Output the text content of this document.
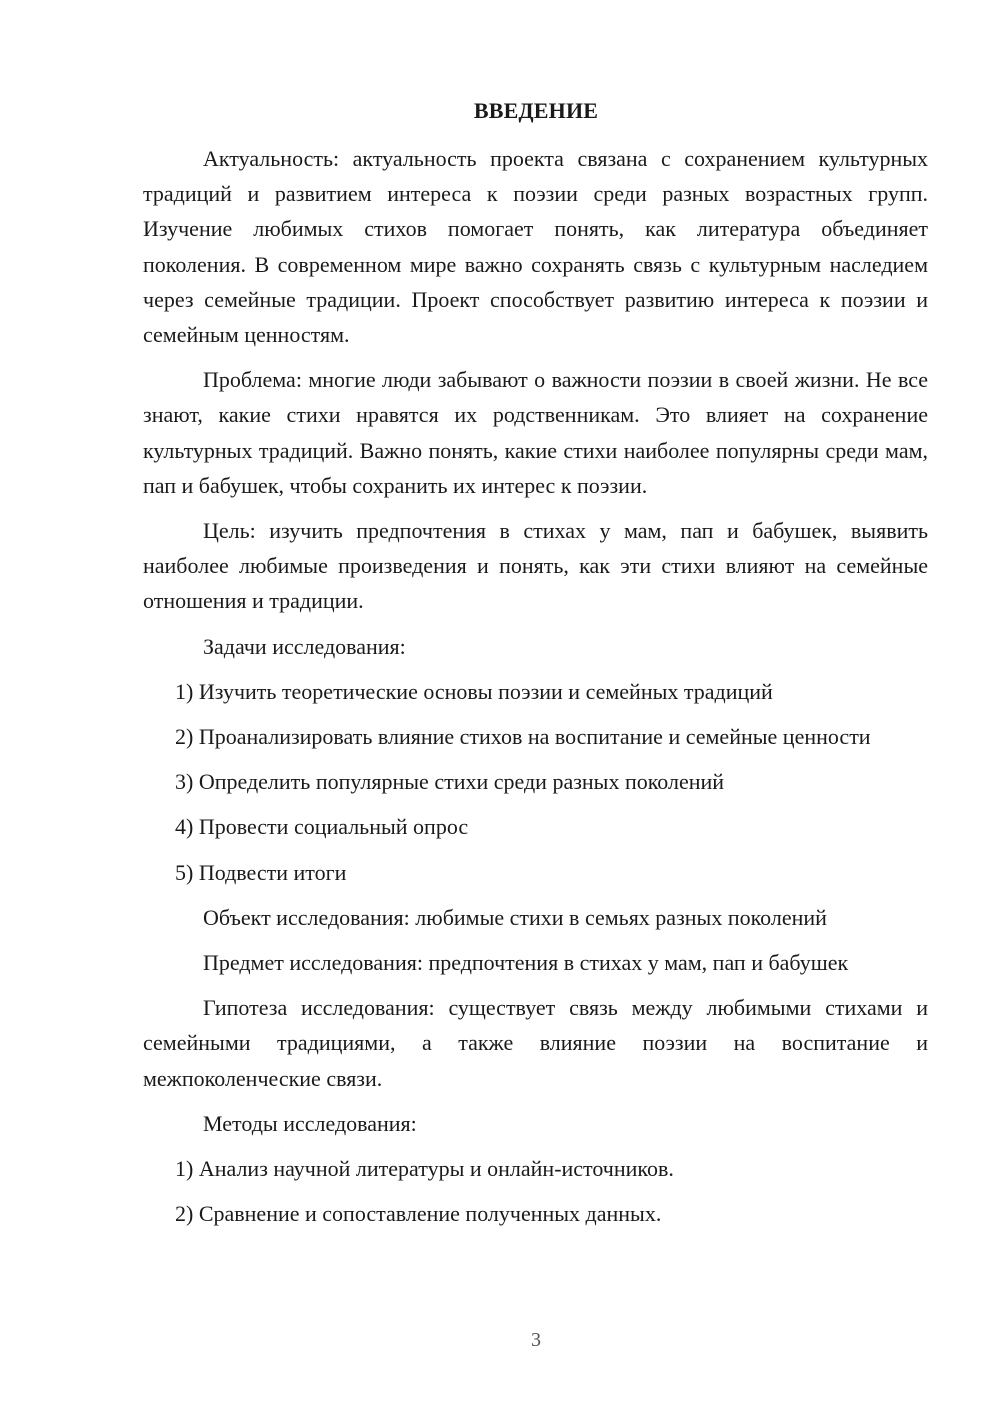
ВВЕДЕНИЕ

Актуальность: актуальность проекта связана с сохранением культурных традиций и развитием интереса к поэзии среди разных возрастных групп. Изучение любимых стихов помогает понять, как литература объединяет поколения. В современном мире важно сохранять связь с культурным наследием через семейные традиции. Проект способствует развитию интереса к поэзии и семейным ценностям.

Проблема: многие люди забывают о важности поэзии в своей жизни. Не все знают, какие стихи нравятся их родственникам. Это влияет на сохранение культурных традиций. Важно понять, какие стихи наиболее популярны среди мам, пап и бабушек, чтобы сохранить их интерес к поэзии.

Цель: изучить предпочтения в стихах у мам, пап и бабушек, выявить наиболее любимые произведения и понять, как эти стихи влияют на семейные отношения и традиции.

Задачи исследования:

1) Изучить теоретические основы поэзии и семейных традиций

2) Проанализировать влияние стихов на воспитание и семейные ценности

3) Определить популярные стихи среди разных поколений

4) Провести социальный опрос

5) Подвести итоги

Объект исследования: любимые стихи в семьях разных поколений

Предмет исследования: предпочтения в стихах у мам, пап и бабушек

Гипотеза исследования: существует связь между любимыми стихами и семейными традициями, а также влияние поэзии на воспитание и межпоколенческие связи.

Методы исследования:

1) Анализ научной литературы и онлайн-источников.

2) Сравнение и сопоставление полученных данных.

3
